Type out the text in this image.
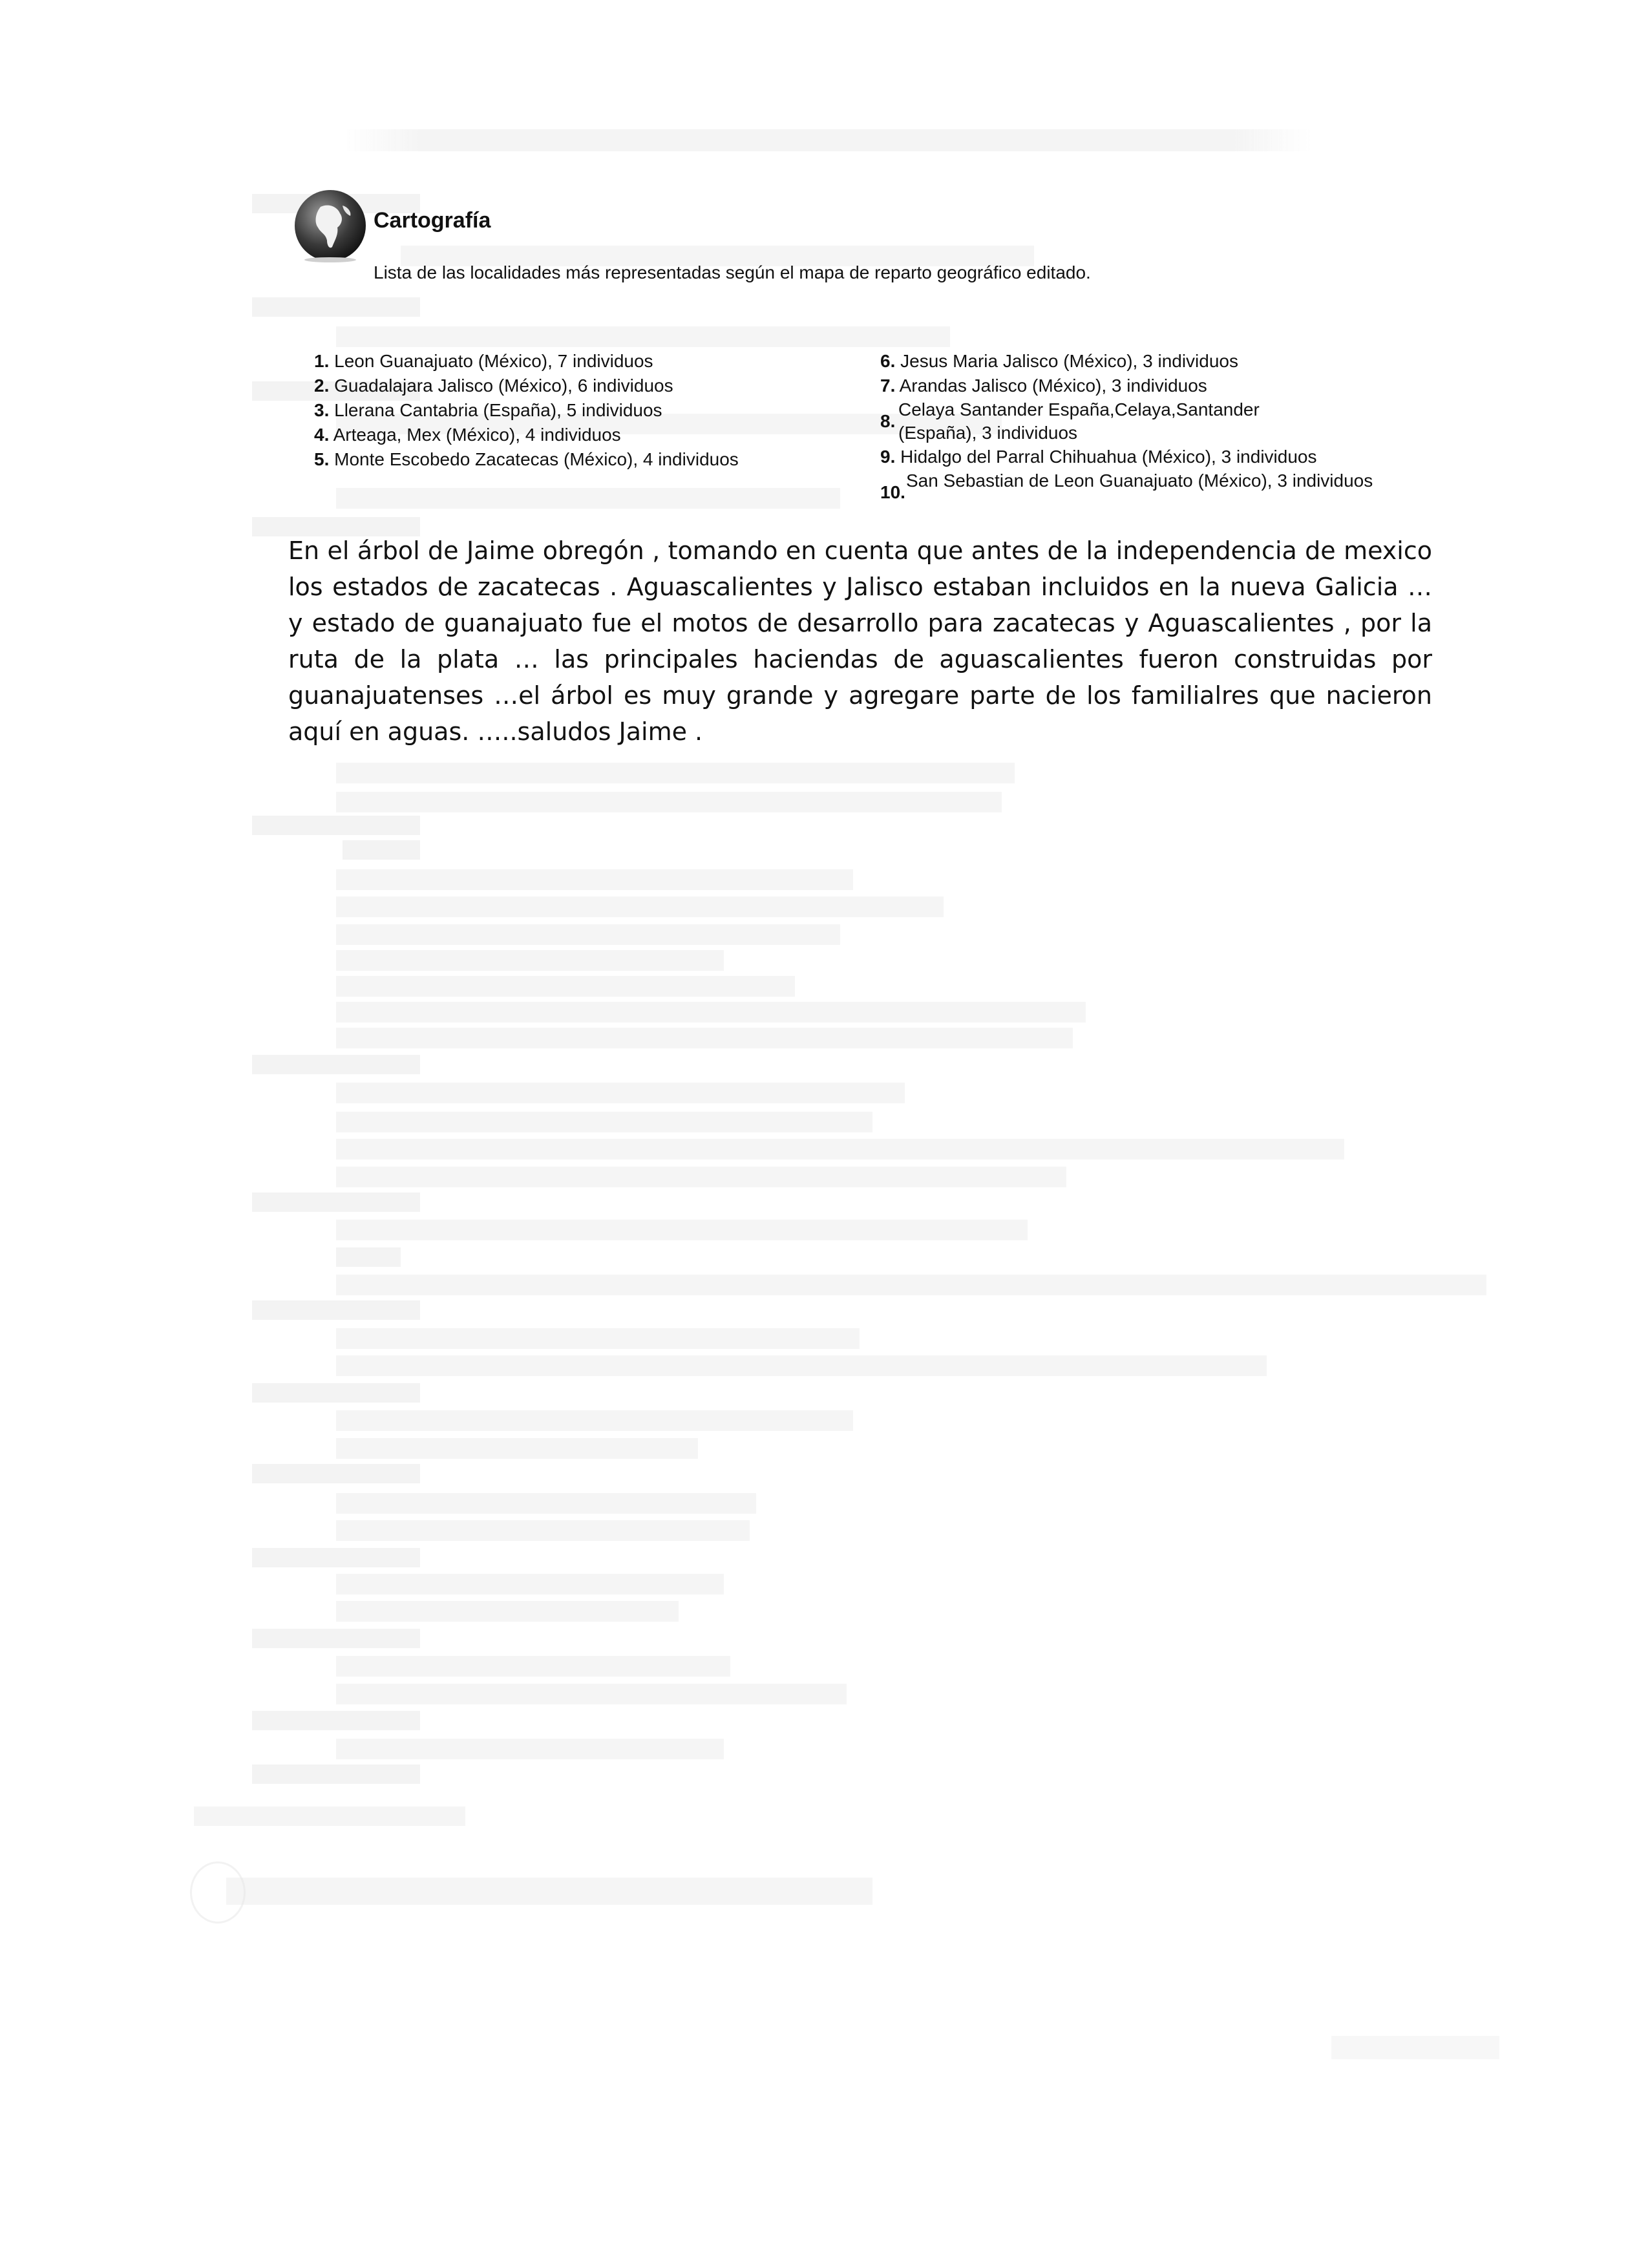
Cartografía
Lista de las localidades más representadas según el mapa de reparto geográfico editado.
1. Leon Guanajuato (México), 7 individuos
2. Guadalajara Jalisco (México), 6 individuos
3. Llerana Cantabria (España), 5 individuos
4. Arteaga, Mex (México), 4 individuos
5. Monte Escobedo Zacatecas (México), 4 individuos
6. Jesus Maria Jalisco (México), 3 individuos
7. Arandas Jalisco (México), 3 individuos
8.
Celaya Santander España,Celaya,Santander (España), 3 individuos
9. Hidalgo del Parral Chihuahua (México), 3 individuos
10.
San Sebastian de Leon Guanajuato (México), 3 individuos
En el árbol de Jaime obregón , tomando en cuenta que antes de la independencia de mexico los estados de zacatecas . Aguascalientes y Jalisco estaban incluidos en la nueva Galicia … y estado de guanajuato fue el motos de desarrollo para zacatecas y Aguascalientes , por la ruta de la plata … las principales haciendas de aguascalientes fueron construidas por guanajuatenses …el árbol es muy grande y agregare parte de los familialres que nacieron aquí en aguas. …..saludos Jaime .
